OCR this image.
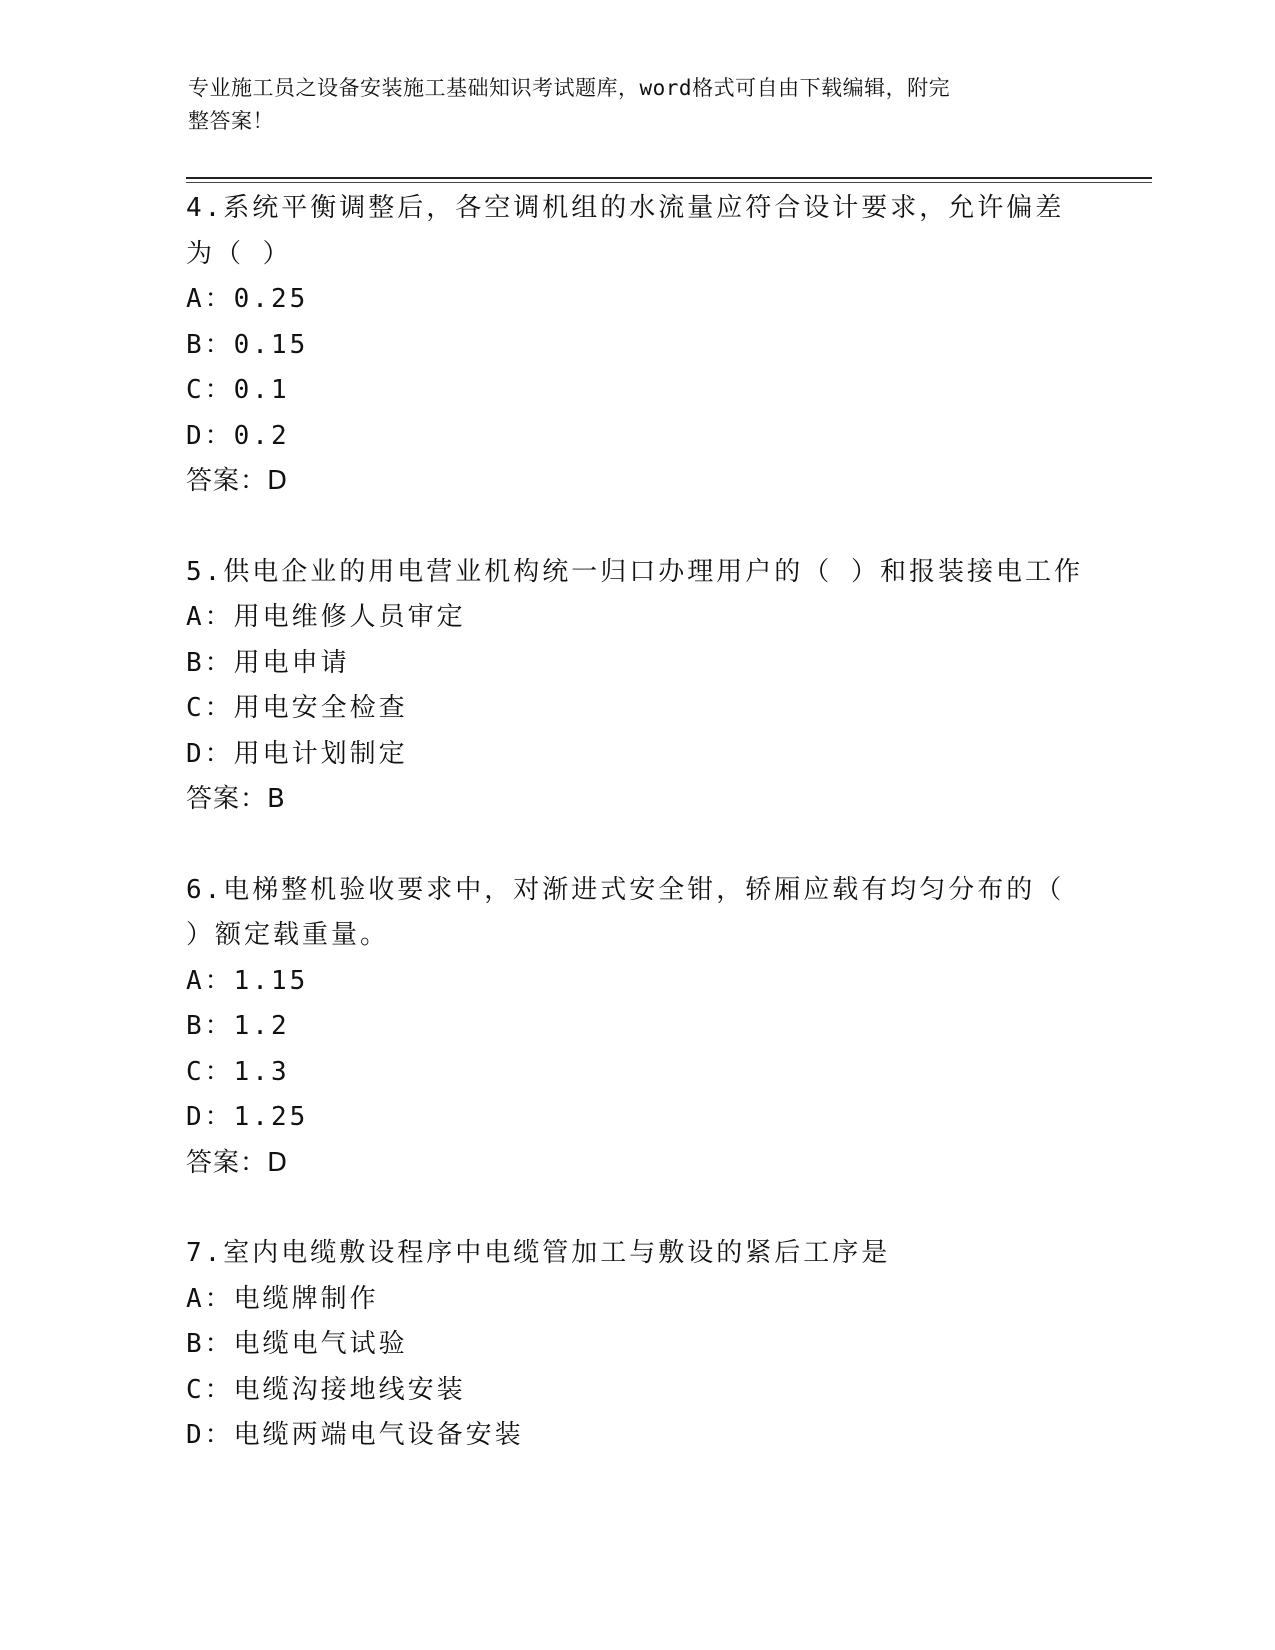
专业施工员之设备安装施工基础知识考试题库，word格式可自由下载编辑，附完
整答案！
4.系统平衡调整后，各空调机组的水流量应符合设计要求，允许偏差
为（ ）
A：0.25
B：0.15
C：0.1
D：0.2
答案：D
5.供电企业的用电营业机构统一归口办理用户的（ ）和报装接电工作
A：用电维修人员审定
B：用电申请
C：用电安全检查
D：用电计划制定
答案：B
6.电梯整机验收要求中，对渐进式安全钳，轿厢应载有均匀分布的（
）额定载重量。
A：1.15
B：1.2
C：1.3
D：1.25
答案：D
7.室内电缆敷设程序中电缆管加工与敷设的紧后工序是
A：电缆牌制作
B：电缆电气试验
C：电缆沟接地线安装
D：电缆两端电气设备安装
